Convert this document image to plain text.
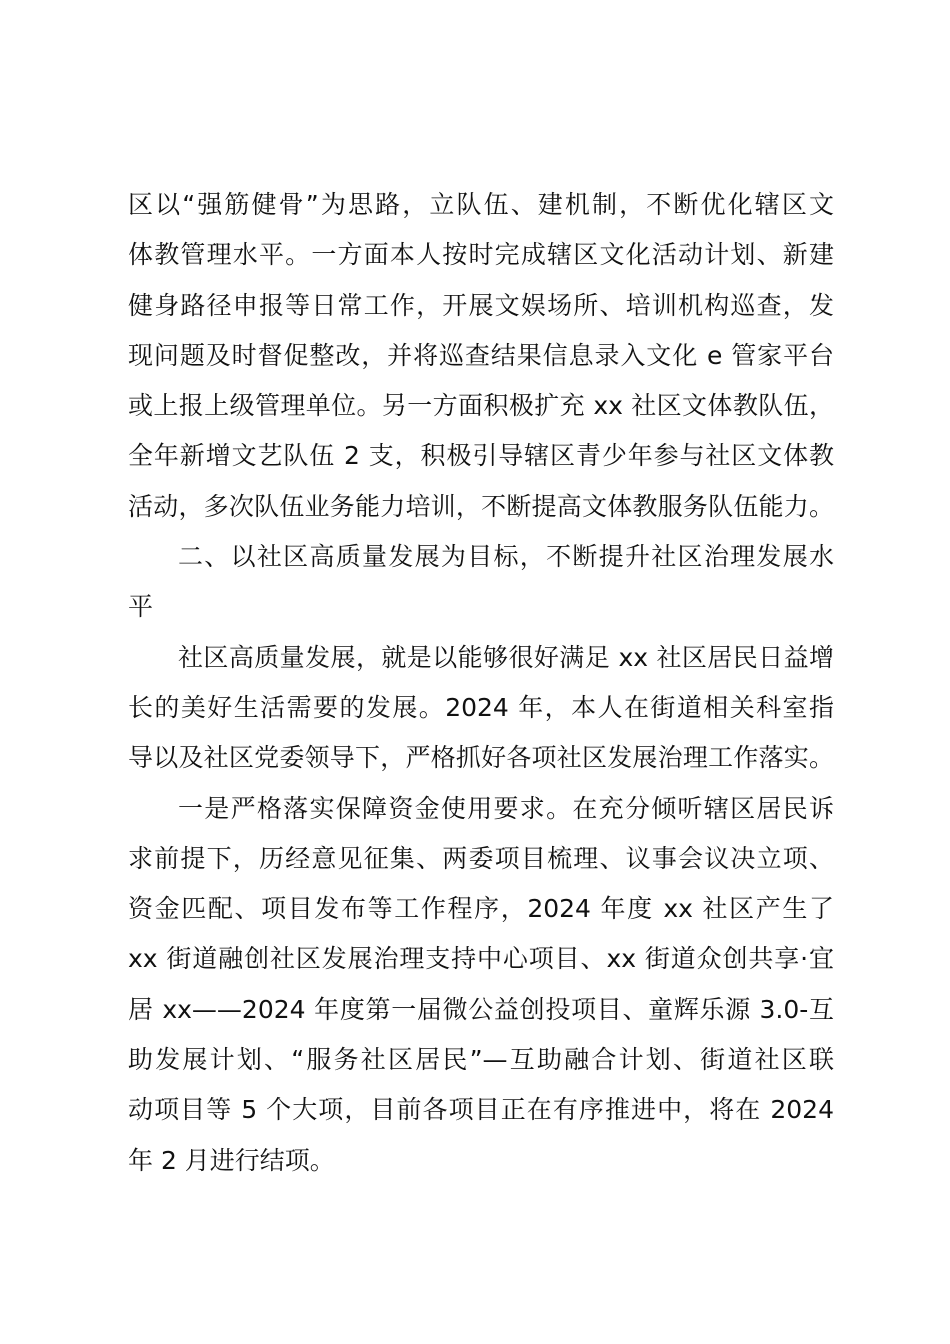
区以“强筋健骨”为思路，立队伍、建机制，不断优化辖区文
体教管理水平。一方面本人按时完成辖区文化活动计划、新建
健身路径申报等日常工作，开展文娱场所、培训机构巡查，发
现问题及时督促整改，并将巡查结果信息录入文化 e 管家平台
或上报上级管理单位。另一方面积极扩充 xx 社区文体教队伍，
全年新增文艺队伍 2 支，积极引导辖区青少年参与社区文体教
活动，多次队伍业务能力培训，不断提高文体教服务队伍能力。
二、以社区高质量发展为目标，不断提升社区治理发展水
平
社区高质量发展，就是以能够很好满足 xx 社区居民日益增
长的美好生活需要的发展。2024 年，本人在街道相关科室指
导以及社区党委领导下，严格抓好各项社区发展治理工作落实。
一是严格落实保障资金使用要求。在充分倾听辖区居民诉
求前提下，历经意见征集、两委项目梳理、议事会议决立项、
资金匹配、项目发布等工作程序，2024 年度 xx 社区产生了
xx 街道融创社区发展治理支持中心项目、xx 街道众创共享·宜
居 xx——2024 年度第一届微公益创投项目、童辉乐源 3.0-互
助发展计划、“服务社区居民”—互助融合计划、街道社区联
动项目等 5 个大项，目前各项目正在有序推进中，将在 2024
年 2 月进行结项。
